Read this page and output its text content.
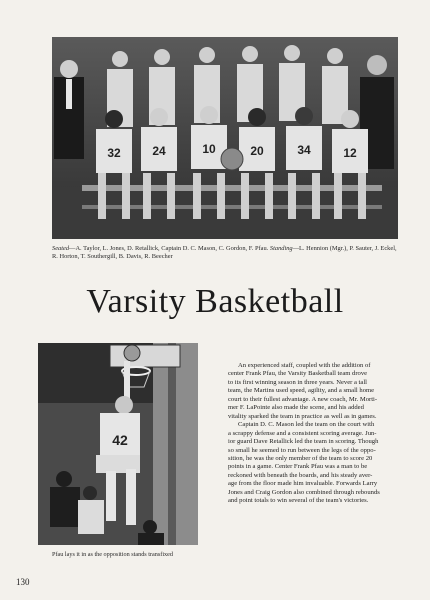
32	24	10	20	34	12
Seated—A. Taylor, L. Jones, D. Retallick, Captain D. C. Mason, C. Gordon, F. Pfau. Standing—L. Hennion (Mgr.), P. Sauter, J. Eckel, R. Horton, T. Southergill, B. Davis, R. Beecher
Varsity Basketball
42

An experienced staff, coupled with the addition of
center Frank Pfau, the Varsity Basketball team drove
to its first winning season in three years. Never a tall
team, the Martins used speed, agility, and a small home
court to their fullest advantage. A new coach, Mr. Morti-
mer F. LaPointe also made the scene, and his added
vitality sparked the team in practice as well as in games.
Captain D. C. Mason led the team on the court with
a scrappy defense and a consistent scoring average. Jun-
ior guard Dave Retallick led the team in scoring. Though
so small he seemed to run between the legs of the oppo-
sition, he was the only member of the team to score 20
points in a game. Center Frank Pfau was a man to be
reckoned with beneath the boards, and his steady aver-
age from the floor made him invaluable. Forwards Larry
Jones and Craig Gordon also combined through rebounds
and point totals to win several of the team's victories.

Pfau lays it in as the opposition stands transfixed
130
